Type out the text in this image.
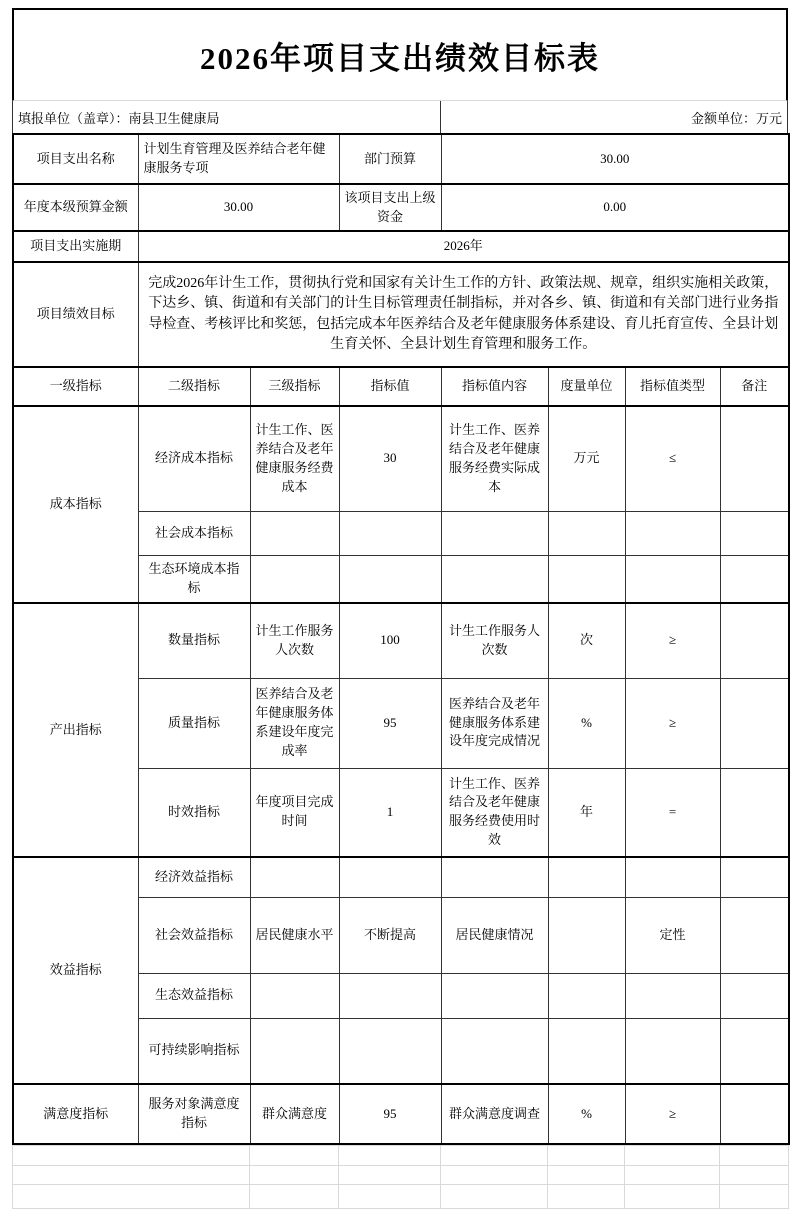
2026年项目支出绩效目标表
填报单位（盖章）：南县卫生健康局	金额单位：万元
项目支出名称	计划生育管理及医养结合老年健康服务专项		部门预算	30.00			
年度本级预算金额	30.00		该项目支出上级资金	0.00			
项目支出实施期	2026年						
项目绩效目标	完成2026年计生工作，贯彻执行党和国家有关计生工作的方针、政策法规、规章，组织实施相关政策，下达乡、镇、街道和有关部门的计生目标管理责任制指标，并对各乡、镇、街道和有关部门进行业务指导检查、考核评比和奖惩，包括完成本年医养结合及老年健康服务体系建设、育儿托育宣传、全县计划生育关怀、全县计划生育管理和服务工作。						
一级指标	二级指标	三级指标	指标值	指标值内容	度量单位	指标值类型	备注
成本指标	经济成本指标	计生工作、医养结合及老年健康服务经费成本	30	计生工作、医养结合及老年健康服务经费实际成本	万元	≤	
	社会成本指标						
	生态环境成本指标						
产出指标	数量指标	计生工作服务人次数	100	计生工作服务人次数	次	≥	
	质量指标	医养结合及老年健康服务体系建设年度完成率	95	医养结合及老年健康服务体系建设年度完成情况	%	≥	
	时效指标	年度项目完成时间	1	计生工作、医养结合及老年健康服务经费使用时效	年	=	
效益指标	经济效益指标						
	社会效益指标	居民健康水平	不断提高	居民健康情况		定性	
	生态效益指标						
	可持续影响指标						
满意度指标	服务对象满意度指标	群众满意度	95	群众满意度调查	%	≥	
